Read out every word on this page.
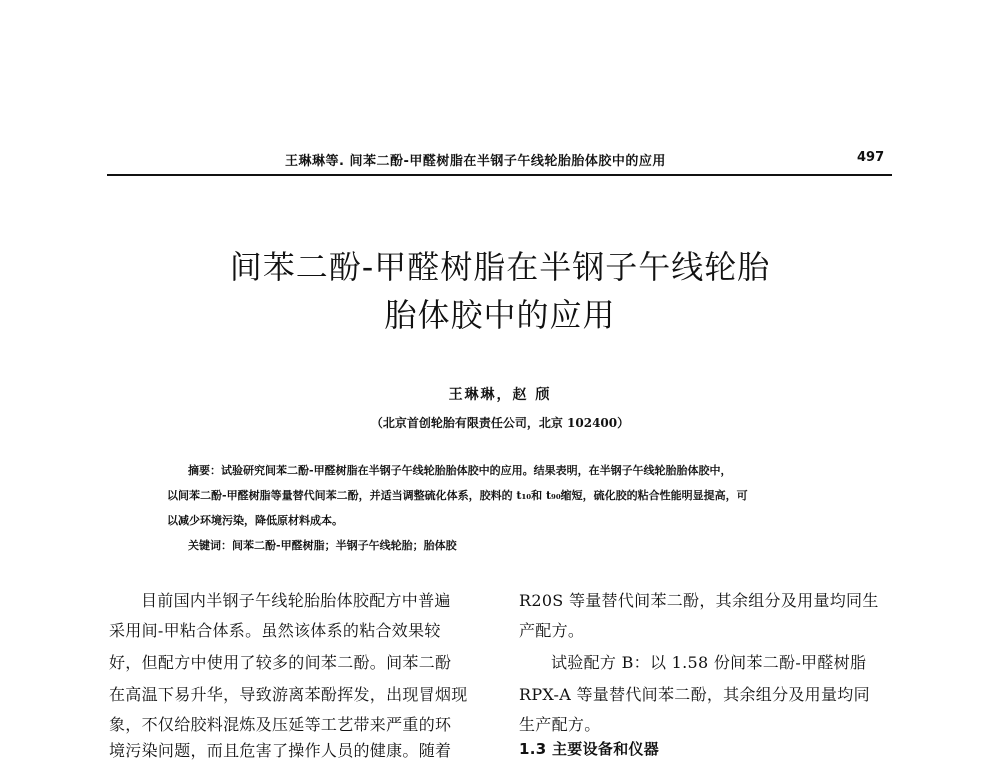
王琳琳等. 间苯二酚-甲醛树脂在半钢子午线轮胎胎体胶中的应用	497
间苯二酚-甲醛树脂在半钢子午线轮胎
胎体胶中的应用
王琳琳，赵 颀
（北京首创轮胎有限责任公司，北京 102400）
摘要：试验研究间苯二酚-甲醛树脂在半钢子午线轮胎胎体胶中的应用。结果表明，在半钢子午线轮胎胎体胶中，
以间苯二酚-甲醛树脂等量替代间苯二酚，并适当调整硫化体系，胶料的 t₁₀和 t₉₀缩短，硫化胶的粘合性能明显提高，可
以减少环境污染，降低原材料成本。
关键词：间苯二酚-甲醛树脂；半钢子午线轮胎；胎体胶
目前国内半钢子午线轮胎胎体胶配方中普遍
采用间-甲粘合体系。虽然该体系的粘合效果较
好，但配方中使用了较多的间苯二酚。间苯二酚
在高温下易升华，导致游离苯酚挥发，出现冒烟现
象，不仅给胶料混炼及压延等工艺带来严重的环
境污染问题，而且危害了操作人员的健康。随着
R20S 等量替代间苯二酚，其余组分及用量均同生
产配方。
试验配方 B：以 1.58 份间苯二酚-甲醛树脂
RPX-A 等量替代间苯二酚，其余组分及用量均同
生产配方。
1.3 主要设备和仪器
